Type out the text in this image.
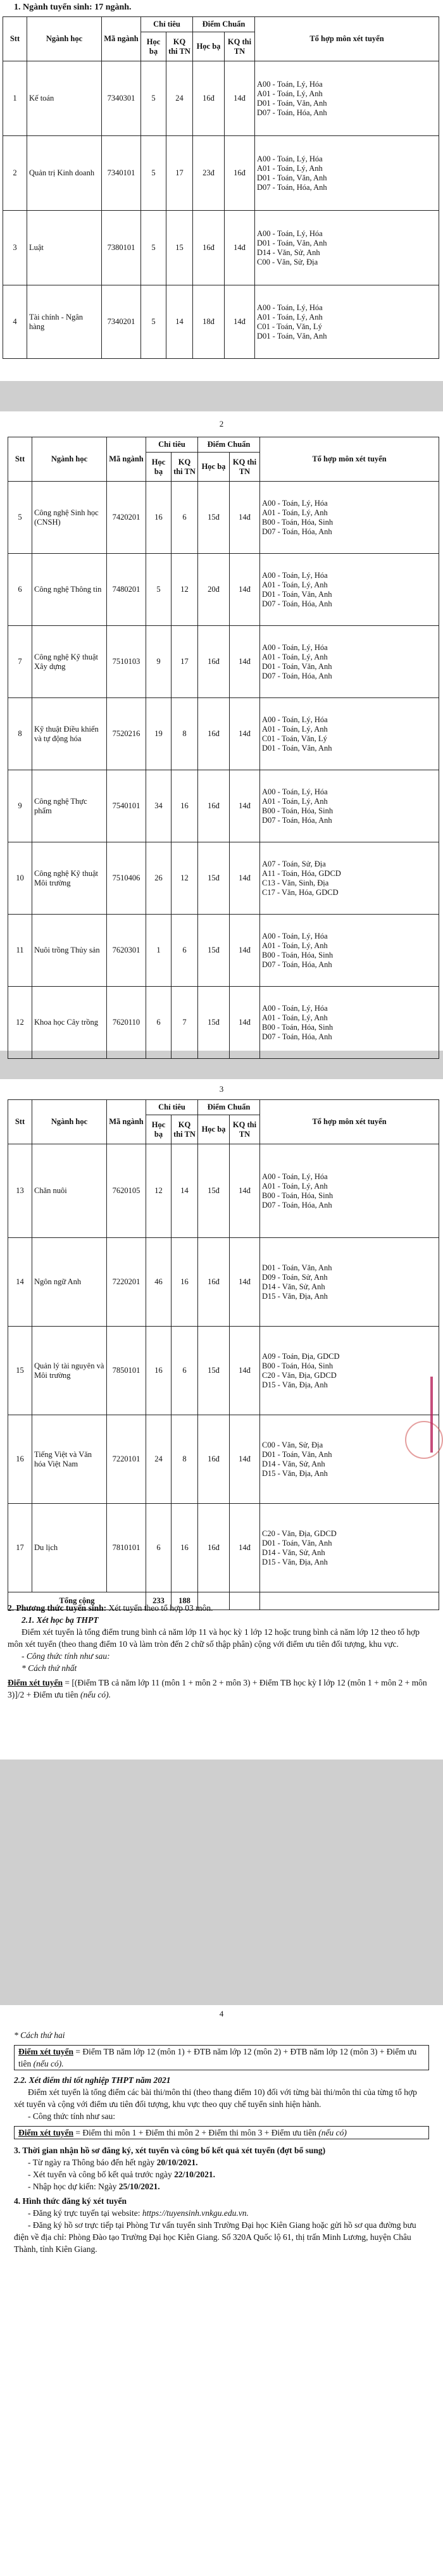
1. Ngành tuyển sinh: 17 ngành.
Stt	Ngành học	Mã ngành	Chỉ tiêu		Điểm Chuẩn		Tổ hợp môn xét tuyển
			Học bạ	KQ thi TN	Học bạ	KQ thi TN	
1	Kế toán	7340301	5	24	16đ	14đ	A00 - Toán, Lý, Hóa
A01 - Toán, Lý, Anh
D01 - Toán, Văn, Anh
D07 - Toán, Hóa, Anh

2	Quản trị Kinh doanh	7340101	5	17	23đ	16đ	A00 - Toán, Lý, Hóa
A01 - Toán, Lý, Anh
D01 - Toán, Văn, Anh
D07 - Toán, Hóa, Anh

3	Luật	7380101	5	15	16đ	14đ	A00 - Toán, Lý, Hóa
D01 - Toán, Văn, Anh
D14 - Văn, Sử, Anh
C00 - Văn, Sử, Địa

4	Tài chính - Ngân hàng	7340201	5	14	18đ	14đ	A00 - Toán, Lý, Hóa
A01 - Toán, Lý, Anh
C01 - Toán, Văn, Lý
D01 - Toán, Văn, Anh
2
Stt	Ngành học	Mã ngành	Chỉ tiêu		Điểm Chuẩn		Tổ hợp môn xét tuyển
			Học bạ	KQ thi TN	Học bạ	KQ thi TN	
5	Công nghệ Sinh học (CNSH)	7420201	16	6	15đ	14đ	A00 - Toán, Lý, Hóa
A01 - Toán, Lý, Anh
B00 - Toán, Hóa, Sinh
D07 - Toán, Hóa, Anh

6	Công nghệ Thông tin	7480201	5	12	20đ	14đ	A00 - Toán, Lý, Hóa
A01 - Toán, Lý, Anh
D01 - Toán, Văn, Anh
D07 - Toán, Hóa, Anh

7	Công nghệ Kỹ thuật Xây dựng	7510103	9	17	16đ	14đ	A00 - Toán, Lý, Hóa
A01 - Toán, Lý, Anh
D01 - Toán, Văn, Anh
D07 - Toán, Hóa, Anh

8	Kỹ thuật Điều khiển và tự động hóa	7520216	19	8	16đ	14đ	A00 - Toán, Lý, Hóa
A01 - Toán, Lý, Anh
C01 - Toán, Văn, Lý
D01 - Toán, Văn, Anh

9	Công nghệ Thực phẩm	7540101	34	16	16đ	14đ	A00 - Toán, Lý, Hóa
A01 - Toán, Lý, Anh
B00 - Toán, Hóa, Sinh
D07 - Toán, Hóa, Anh

10	Công nghệ Kỹ thuật Môi trường	7510406	26	12	15đ	14đ	A07 - Toán, Sử, Địa
A11 - Toán, Hóa, GDCD
C13 - Văn, Sinh, Địa
C17 - Văn, Hóa, GDCD

11	Nuôi trồng Thủy sản	7620301	1	6	15đ	14đ	A00 - Toán, Lý, Hóa
A01 - Toán, Lý, Anh
B00 - Toán, Hóa, Sinh
D07 - Toán, Hóa, Anh

12	Khoa học Cây trồng	7620110	6	7	15đ	14đ	A00 - Toán, Lý, Hóa
A01 - Toán, Lý, Anh
B00 - Toán, Hóa, Sinh
D07 - Toán, Hóa, Anh
3
Stt	Ngành học	Mã ngành	Chỉ tiêu		Điểm Chuẩn		Tổ hợp môn xét tuyển
			Học bạ	KQ thi TN	Học bạ	KQ thi TN	
13	Chăn nuôi	7620105	12	14	15đ	14đ	A00 - Toán, Lý, Hóa
A01 - Toán, Lý, Anh
B00 - Toán, Hóa, Sinh
D07 - Toán, Hóa, Anh

14	Ngôn ngữ Anh	7220201	46	16	16đ	14đ	D01 - Toán, Văn, Anh
D09 - Toán, Sử, Anh
D14 - Văn, Sử, Anh
D15 - Văn, Địa, Anh

15	Quản lý tài nguyên và Môi trường	7850101	16	6	15đ	14đ	A09 - Toán, Địa, GDCD
B00 - Toán, Hóa, Sinh
C20 - Văn, Địa, GDCD
D15 - Văn, Địa, Anh

16	Tiếng Việt và Văn hóa Việt Nam	7220101	24	8	16đ	14đ	C00 - Văn, Sử, Địa
D01 - Toán, Văn, Anh
D14 - Văn, Sử, Anh
D15 - Văn, Địa, Anh

17	Du lịch	7810101	6	16	16đ	14đ	C20 - Văn, Địa, GDCD
D01 - Toán, Văn, Anh
D14 - Văn, Sử, Anh
D15 - Văn, Địa, Anh

Tổng cộng			233	188			
2. Phương thức tuyển sinh: Xét tuyển theo tổ hợp 03 môn.
2.1. Xét học bạ THPT
Điểm xét tuyển là tổng điểm trung bình cả năm lớp 11 và học kỳ 1 lớp 12 hoặc trung bình cả năm lớp 12 theo tổ hợp môn xét tuyển (theo thang điểm 10 và làm tròn đến 2 chữ số thập phân) cộng với điểm ưu tiên đối tượng, khu vực.
- Công thức tính như sau:
* Cách thứ nhất
Điểm xét tuyển = [(Điểm TB cả năm lớp 11 (môn 1 + môn 2 + môn 3) + Điểm TB học kỳ I lớp 12 (môn 1 + môn 2 + môn 3)]/2 + Điểm ưu tiên (nếu có).
4
* Cách thứ hai
Điểm xét tuyển = Điểm TB năm lớp 12 (môn 1) + ĐTB năm lớp 12 (môn 2) + ĐTB năm lớp 12 (môn 3) + Điểm ưu tiên (nếu có).
2.2. Xét điểm thi tốt nghiệp THPT năm 2021
Điểm xét tuyển là tổng điểm các bài thi/môn thi (theo thang điểm 10) đối với từng bài thi/môn thi của từng tổ hợp xét tuyển và cộng với điểm ưu tiên đối tượng, khu vực theo quy chế tuyển sinh hiện hành.
- Công thức tính như sau:
Điểm xét tuyển = Điểm thi môn 1 + Điểm thi môn 2 + Điểm thi môn 3 + Điểm ưu tiên (nếu có)
3. Thời gian nhận hồ sơ đăng ký, xét tuyển và công bố kết quả xét tuyển (đợt bổ sung)
- Từ ngày ra Thông báo đến hết ngày 20/10/2021.
- Xét tuyển và công bố kết quả trước ngày 22/10/2021.
- Nhập học dự kiến: Ngày 25/10/2021.
4. Hình thức đăng ký xét tuyển
- Đăng ký trực tuyến tại website: https://tuyensinh.vnkgu.edu.vn.
- Đăng ký hồ sơ trực tiếp tại Phòng Tư vấn tuyển sinh Trường Đại học Kiên Giang hoặc gửi hồ sơ qua đường bưu điện về địa chỉ: Phòng Đào tạo Trường Đại học Kiên Giang. Số 320A Quốc lộ 61, thị trấn Minh Lương, huyện Châu Thành, tỉnh Kiên Giang.
